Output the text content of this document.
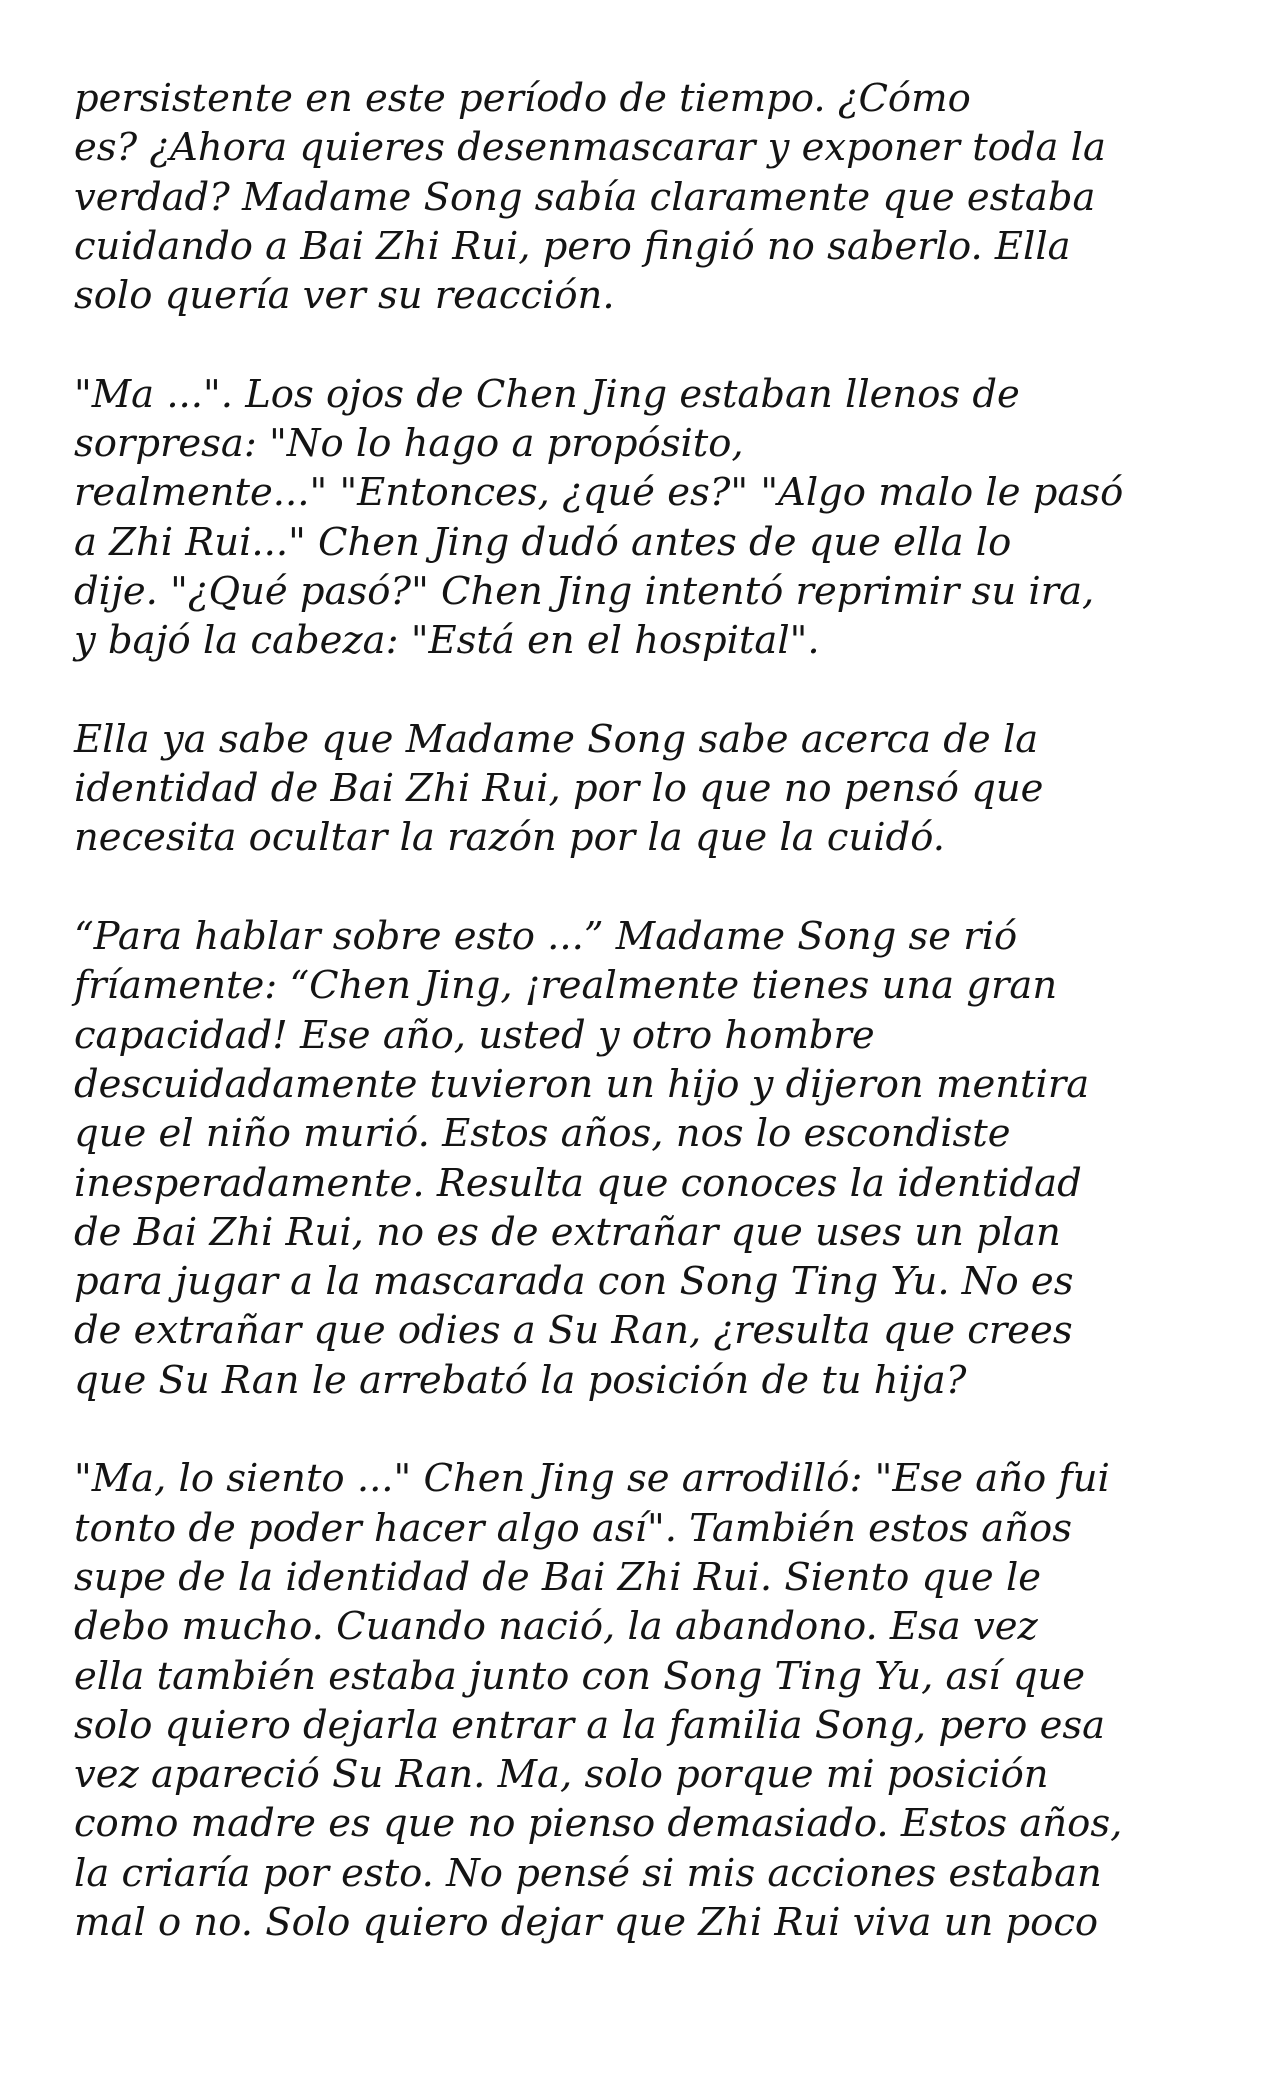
persistente en este período de tiempo. ¿Cómo
es? ¿Ahora quieres desenmascarar y exponer toda la
verdad? Madame Song sabía claramente que estaba
cuidando a Bai Zhi Rui, pero fingió no saberlo. Ella
solo quería ver su reacción.
"Ma ...". Los ojos de Chen Jing estaban llenos de
sorpresa: "No lo hago a propósito,
realmente..." "Entonces, ¿qué es?" "Algo malo le pasó
a Zhi Rui..." Chen Jing dudó antes de que ella lo
dije. "¿Qué pasó?" Chen Jing intentó reprimir su ira,
y bajó la cabeza: "Está en el hospital".
Ella ya sabe que Madame Song sabe acerca de la
identidad de Bai Zhi Rui, por lo que no pensó que
necesita ocultar la razón por la que la cuidó.
“Para hablar sobre esto ...” Madame Song se rió
fríamente: “Chen Jing, ¡realmente tienes una gran
capacidad! Ese año, usted y otro hombre
descuidadamente tuvieron un hijo y dijeron mentira
que el niño murió. Estos años, nos lo escondiste
inesperadamente. Resulta que conoces la identidad
de Bai Zhi Rui, no es de extrañar que uses un plan
para jugar a la mascarada con Song Ting Yu. No es
de extrañar que odies a Su Ran, ¿resulta que crees
que Su Ran le arrebató la posición de tu hija?
"Ma, lo siento ..." Chen Jing se arrodilló: "Ese año fui
tonto de poder hacer algo así". También estos años
supe de la identidad de Bai Zhi Rui. Siento que le
debo mucho. Cuando nació, la abandono. Esa vez
ella también estaba junto con Song Ting Yu, así que
solo quiero dejarla entrar a la familia Song, pero esa
vez apareció Su Ran. Ma, solo porque mi posición
como madre es que no pienso demasiado. Estos años,
la criaría por esto. No pensé si mis acciones estaban
mal o no. Solo quiero dejar que Zhi Rui viva un poco
